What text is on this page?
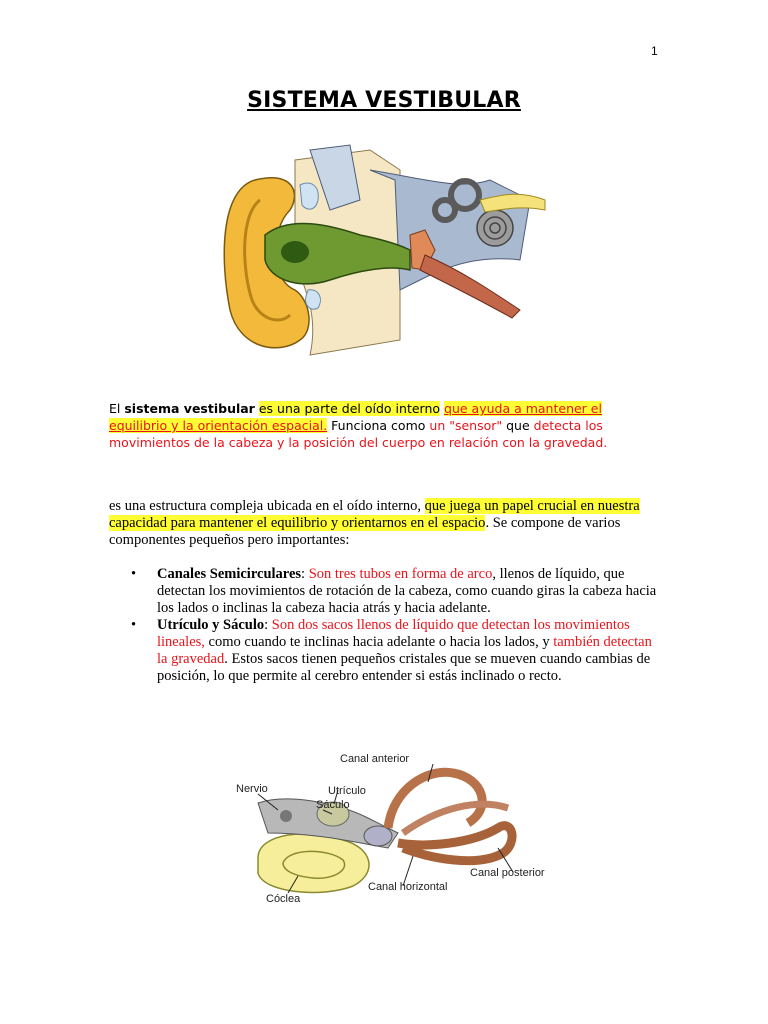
1
SISTEMA VESTIBULAR

El sistema vestibular es una parte del oído interno que ayuda a mantener el equilibrio y la orientación espacial. Funciona como un "sensor" que detecta los movimientos de la cabeza y la posición del cuerpo en relación con la gravedad.

es una estructura compleja ubicada en el oído interno, que juega un papel crucial en nuestra capacidad para mantener el equilibrio y orientarnos en el espacio. Se compone de varios componentes pequeños pero importantes:

• Canales Semicirculares: Son tres tubos en forma de arco, llenos de líquido, que detectan los movimientos de rotación de la cabeza, como cuando giras la cabeza hacia los lados o inclinas la cabeza hacia atrás y hacia adelante.
• Utrículo y Sáculo: Son dos sacos llenos de líquido que detectan los movimientos lineales, como cuando te inclinas hacia adelante o hacia los lados, y también detectan la gravedad. Estos sacos tienen pequeños cristales que se mueven cuando cambias de posición, lo que permite al cerebro entender si estás inclinado o recto.
Canal anterior
Nervio	Utrículo
Sáculo
Canal posterior
Canal horizontal
Cóclea
